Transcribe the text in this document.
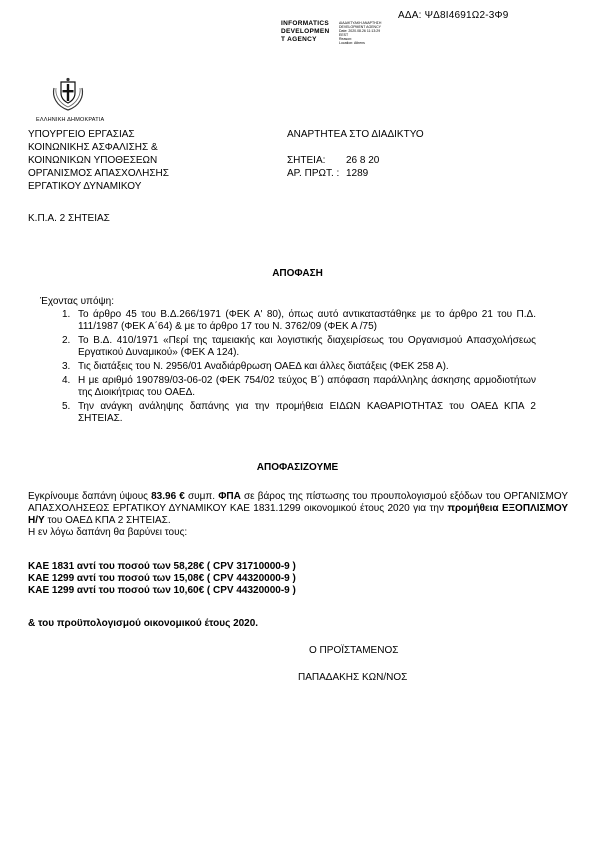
ΑΔΑ: ΨΔ8Ι4691Ω2-3Φ9
INFORMATICS
DEVELOPMEN
T AGENCY
ΔΙΑΔΙΚΤΥΑΚΗ ΑΝΑΡΤΗΣΗ
DEVELOPMENT AGENCY
Date: 2020.08.26 11:13:29
EEST
Reason:
Location: Athens
ΕΛΛΗΝΙΚΗ ΔΗΜΟΚΡΑΤΙΑ
ΥΠΟΥΡΓΕΙΟ ΕΡΓΑΣΙΑΣ
ΚΟΙΝΩΝΙΚΗΣ ΑΣΦΑΛΙΣΗΣ &
ΚΟΙΝΩΝΙΚΩΝ ΥΠΟΘΕΣΕΩΝ
ΟΡΓΑΝΙΣΜΟΣ ΑΠΑΣΧΟΛΗΣΗΣ
ΕΡΓΑΤΙΚΟΥ ΔΥΝΑΜΙΚΟΥ
ΑΝΑΡΤΗΤΕΑ ΣΤΟ ΔΙΑΔΙΚΤΥΟ
ΣΗΤΕΙΑ:	26 8 20
ΑΡ. ΠΡΩΤ. : 1289
Κ.Π.Α. 2 ΣΗΤΕΙΑΣ
ΑΠΟΦΑΣΗ
Έχοντας υπόψη:
1. Το άρθρο 45 του Β.Δ.266/1971 (ΦΕΚ Α' 80), όπως αυτό αντικαταστάθηκε με το άρθρο 21 του Π.Δ. 111/1987 (ΦΕΚ Α΄64) & με το άρθρο 17 του Ν. 3762/09 (ΦΕΚ Α /75)
2. Το Β.Δ. 410/1971 «Περί της ταμειακής και λογιστικής διαχειρίσεως του Οργανισμού Απασχολήσεως Εργατικού Δυναμικού» (ΦΕΚ Α 124).
3. Τις διατάξεις του Ν. 2956/01 Αναδιάρθρωση ΟΑΕΔ και άλλες διατάξεις (ΦΕΚ 258 Α).
4. Η με αριθμό 190789/03-06-02 (ΦΕΚ 754/02 τεύχος Β΄) απόφαση παράλληλης άσκησης αρμοδιοτήτων της Διοικήτριας του ΟΑΕΔ.
5. Την ανάγκη ανάληψης δαπάνης για την προμήθεια ΕΙΔΩΝ ΚΑΘΑΡΙΟΤΗΤΑΣ του ΟΑΕΔ ΚΠΑ 2 ΣΗΤΕΙΑΣ.
ΑΠΟΦΑΣΙΖΟΥΜΕ
Εγκρίνουμε δαπάνη ύψους 83.96 € συμπ. ΦΠΑ σε βάρος της πίστωσης του προυπολογισμού εξόδων του ΟΡΓΑΝΙΣΜΟΥ ΑΠΑΣΧΟΛΗΣΕΩΣ ΕΡΓΑΤΙΚΟΥ ΔΥΝΑΜΙΚΟΥ ΚΑΕ 1831.1299 οικονομικού έτους 2020 για την προμήθεια ΕΞΟΠΛΙΣΜΟΥ Η/Υ του ΟΑΕΔ ΚΠΑ 2 ΣΗΤΕΙΑΣ.
Η εν λόγω δαπάνη θα βαρύνει τους:
ΚΑΕ 1831 αντί του ποσού των 58,28€ ( CPV 31710000-9 )
ΚΑΕ 1299 αντί του ποσού των 15,08€ ( CPV 44320000-9 )
ΚΑΕ 1299 αντί του ποσού των 10,60€ ( CPV 44320000-9 )
& του προϋπολογισμού οικονομικού έτους 2020.
Ο ΠΡΟΪΣΤΑΜΕΝΟΣ
ΠΑΠΑΔΑΚΗΣ ΚΩΝ/ΝΟΣ
